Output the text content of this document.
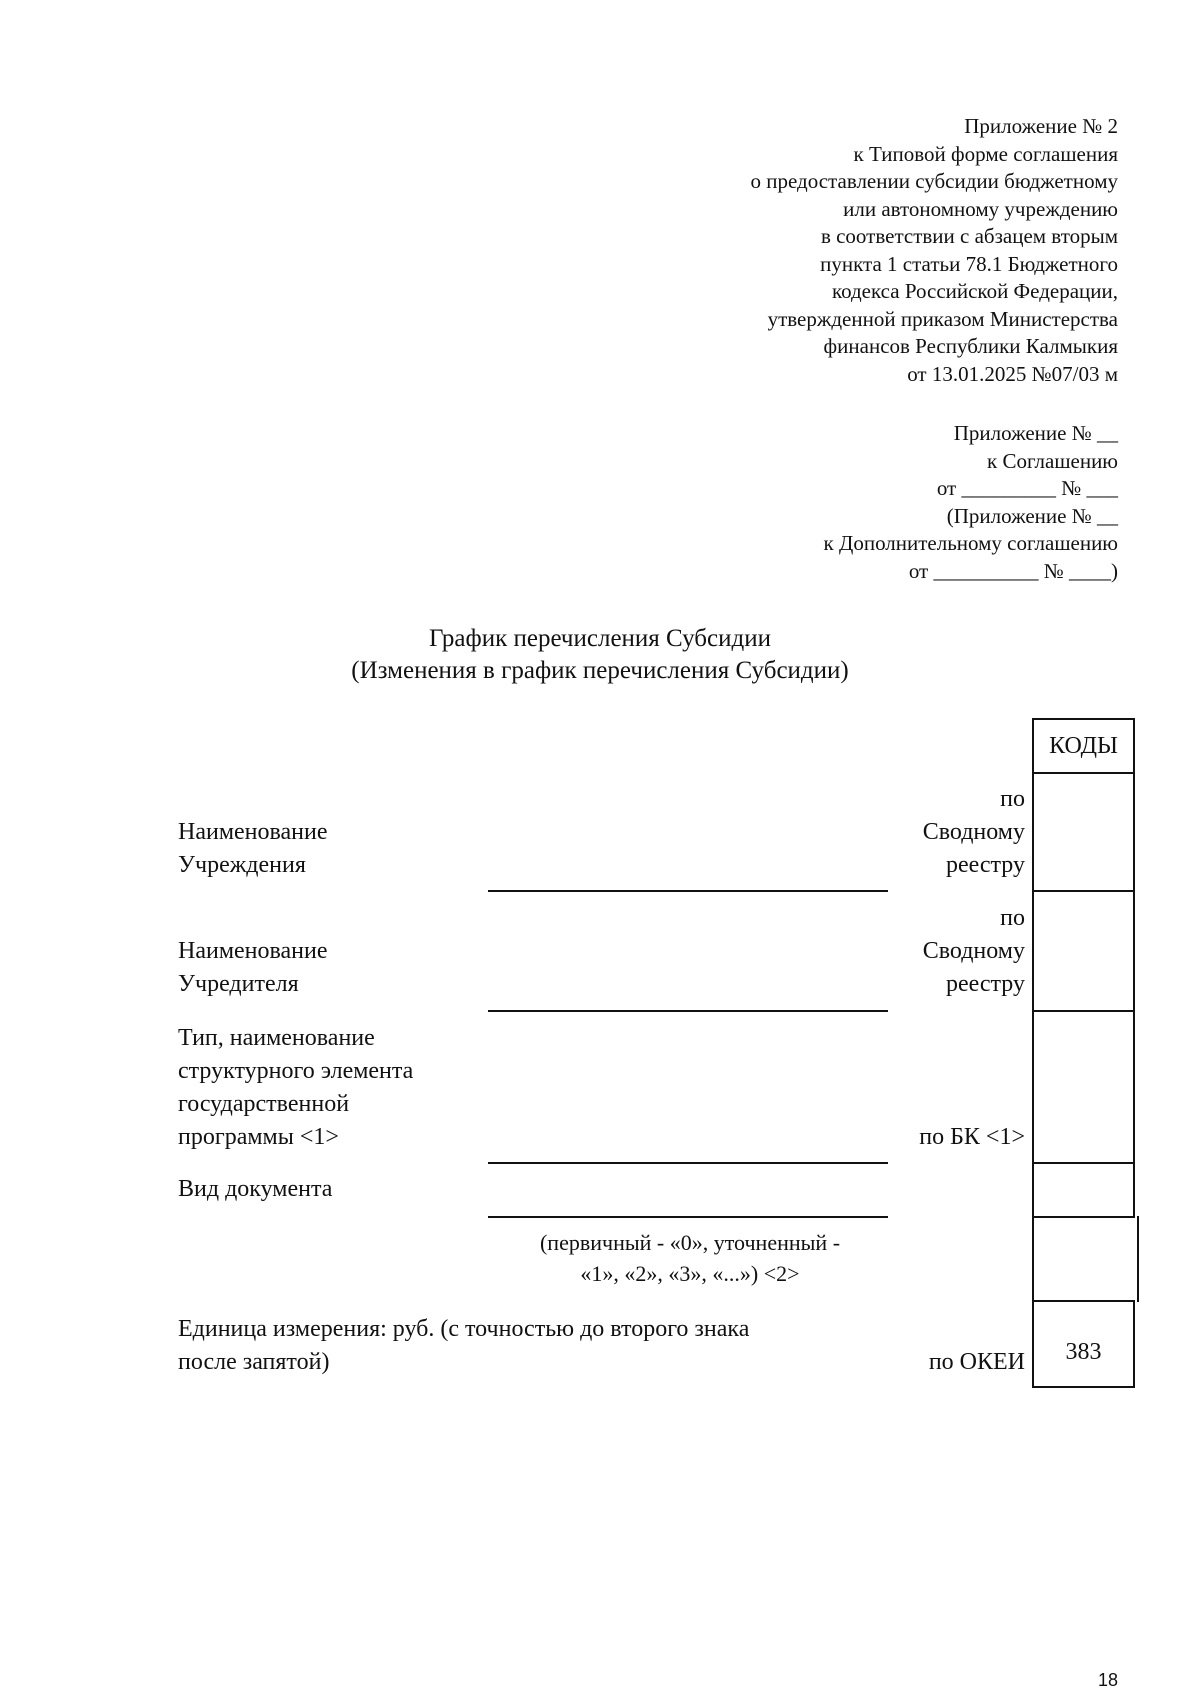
Приложение № 2
к Типовой форме соглашения
о предоставлении субсидии бюджетному
или автономному учреждению
в соответствии с абзацем вторым
пункта 1 статьи 78.1 Бюджетного
кодекса Российской Федерации,
утвержденной приказом Министерства
финансов Республики Калмыкия
от 13.01.2025 №07/03 м
Приложение № __
к Соглашению
от _________ № ___
(Приложение № __
к Дополнительному соглашению
от __________ № ____)
График перечисления Субсидии
(Изменения в график перечисления Субсидии)
КОДЫ
383
Наименование
Учреждения
по
Сводному
реестру
Наименование
Учредителя
по
Сводному
реестру
Тип, наименование
структурного элемента
государственной
программы <1>	по БК <1>
Вид документа
(первичный - «0», уточненный -
«1», «2», «3», «...») <2>
Единица измерения: руб. (с точностью до второго знака
после запятой)	по ОКЕИ
18
